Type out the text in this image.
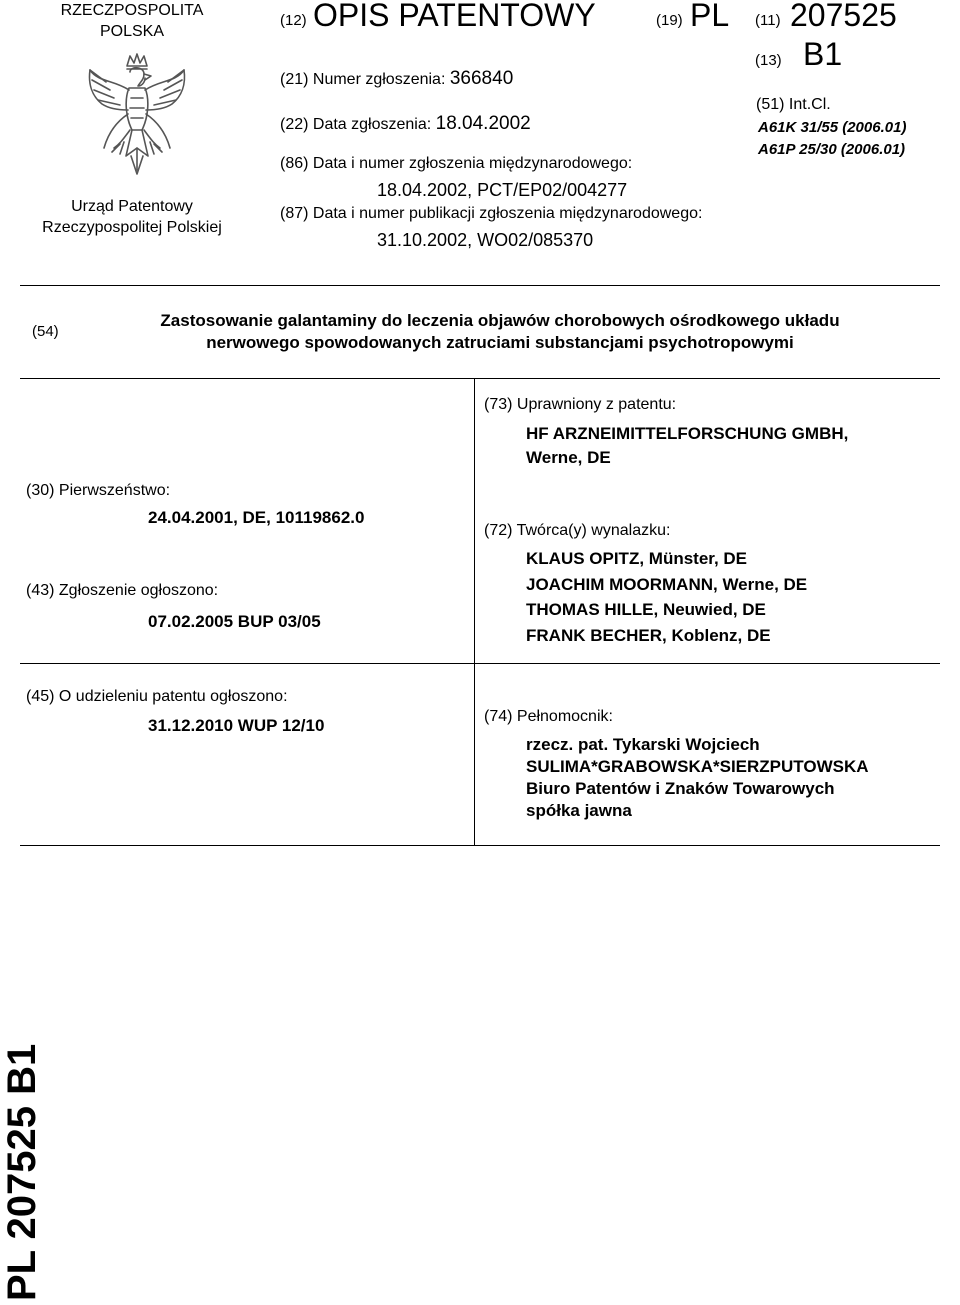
RZECZPOSPOLITA
POLSKA
Urząd Patentowy
Rzeczypospolitej Polskiej
(12) OPIS PATENTOWY	(19) PL (11) 207525
(13) B1
(51) Int.Cl.
A61K 31/55 (2006.01)
A61P 25/30 (2006.01)
(21) Numer zgłoszenia: 366840
(22) Data zgłoszenia: 18.04.2002
(86) Data i numer zgłoszenia międzynarodowego:
18.04.2002, PCT/EP02/004277
(87) Data i numer publikacji zgłoszenia międzynarodowego:
31.10.2002, WO02/085370
(54)
Zastosowanie galantaminy do leczenia objawów chorobowych ośrodkowego układu
nerwowego spowodowanych zatruciami substancjami psychotropowymi
(30) Pierwszeństwo:
24.04.2001, DE, 10119862.0
(43) Zgłoszenie ogłoszono:
07.02.2005 BUP 03/05
(45) O udzieleniu patentu ogłoszono:
31.12.2010 WUP 12/10
(73) Uprawniony z patentu:
HF ARZNEIMITTELFORSCHUNG GMBH,
Werne, DE
(72) Twórca(y) wynalazku:
KLAUS OPITZ, Münster, DE
JOACHIM MOORMANN, Werne, DE
THOMAS HILLE, Neuwied, DE
FRANK BECHER, Koblenz, DE
(74) Pełnomocnik:
rzecz. pat. Tykarski Wojciech
SULIMA*GRABOWSKA*SIERZPUTOWSKA
Biuro Patentów i Znaków Towarowych
spółka jawna
PL 207525 B1
